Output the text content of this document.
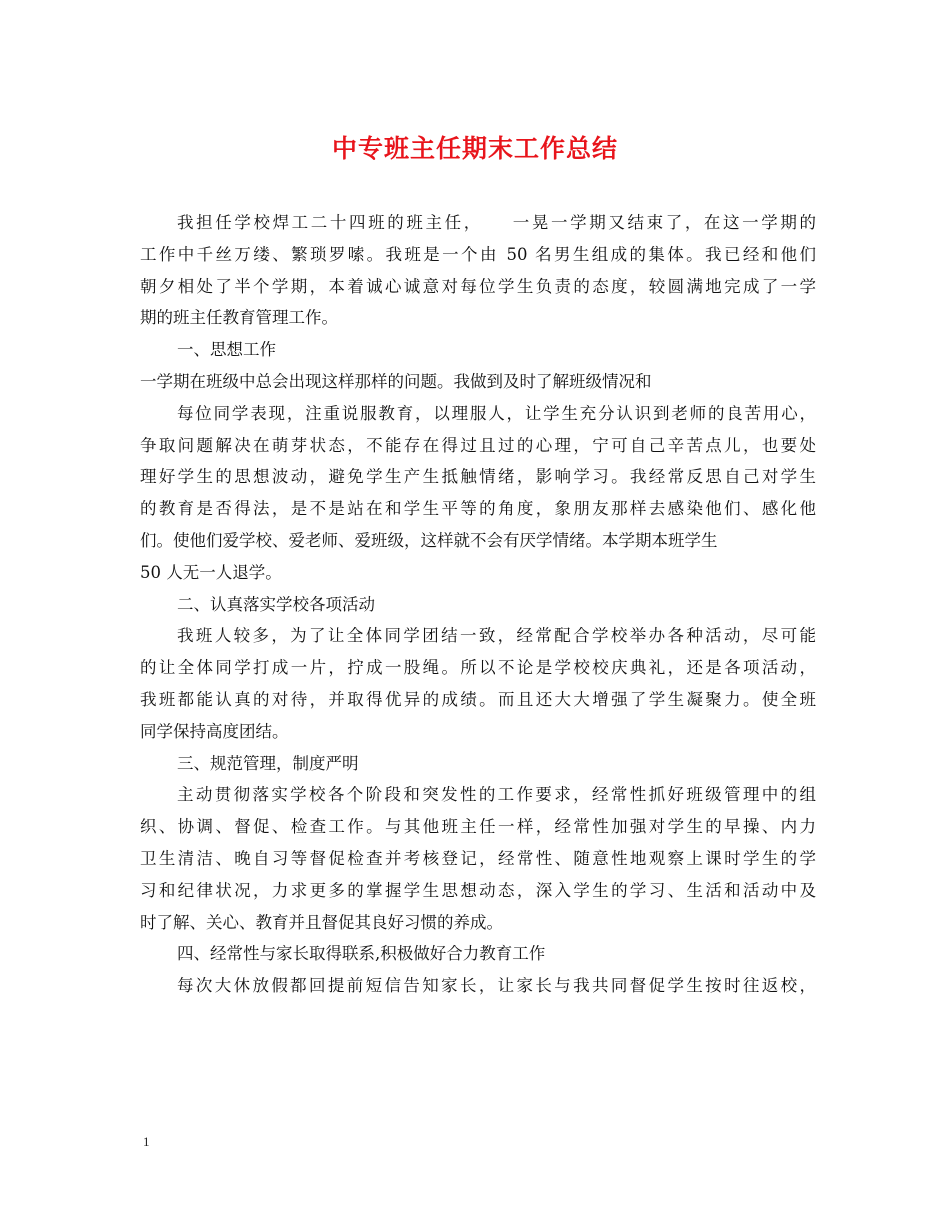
中专班主任期末工作总结
我担任学校焊工二十四班的班主任，　　一晃一学期又结束了，在这一学期的
工作中千丝万缕、繁琐罗嗦。我班是一个由 50 名男生组成的集体。我已经和他们
朝夕相处了半个学期，本着诚心诚意对每位学生负责的态度，较圆满地完成了一学
期的班主任教育管理工作。
一、思想工作
一学期在班级中总会出现这样那样的问题。我做到及时了解班级情况和
每位同学表现，注重说服教育，以理服人，让学生充分认识到老师的良苦用心，
争取问题解决在萌芽状态，不能存在得过且过的心理，宁可自己辛苦点儿，也要处
理好学生的思想波动，避免学生产生抵触情绪，影响学习。我经常反思自己对学生
的教育是否得法，是不是站在和学生平等的角度，象朋友那样去感染他们、感化他
们。使他们爱学校、爱老师、爱班级，这样就不会有厌学情绪。本学期本班学生
50 人无一人退学。
二、认真落实学校各项活动
我班人较多，为了让全体同学团结一致，经常配合学校举办各种活动，尽可能
的让全体同学打成一片，拧成一股绳。所以不论是学校校庆典礼，还是各项活动，
我班都能认真的对待，并取得优异的成绩。而且还大大增强了学生凝聚力。使全班
同学保持高度团结。
三、规范管理，制度严明
主动贯彻落实学校各个阶段和突发性的工作要求，经常性抓好班级管理中的组
织、协调、督促、检查工作。与其他班主任一样，经常性加强对学生的早操、内力
卫生清洁、晚自习等督促检查并考核登记，经常性、随意性地观察上课时学生的学
习和纪律状况，力求更多的掌握学生思想动态，深入学生的学习、生活和活动中及
时了解、关心、教育并且督促其良好习惯的养成。
四、经常性与家长取得联系,积极做好合力教育工作
每次大休放假都回提前短信告知家长，让家长与我共同督促学生按时往返校，
1
